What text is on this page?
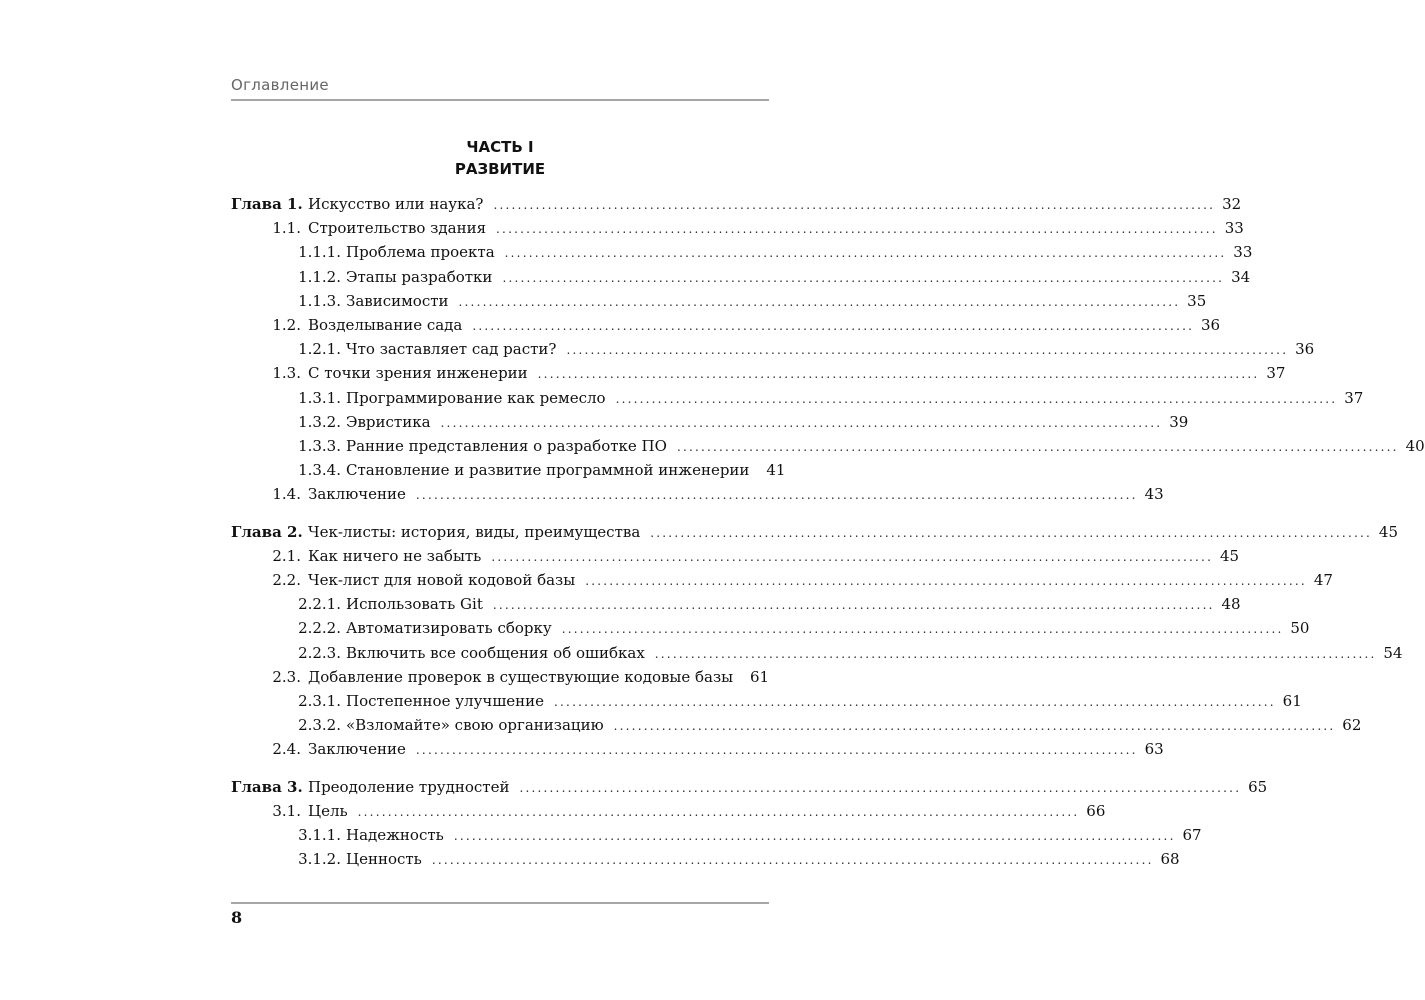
Оглавление
ЧАСТЬ I
РАЗВИТИЕ
Глава 1. Искусство или наука? ........................................................................................................................ 32
1.1. Строительство здания ........................................................................................................................ 33
1.1.1. Проблема проекта ........................................................................................................................ 33
1.1.2. Этапы разработки ........................................................................................................................ 34
1.1.3. Зависимости ........................................................................................................................ 35
1.2. Возделывание сада ........................................................................................................................ 36
1.2.1. Что заставляет сад расти? ........................................................................................................................ 36
1.3. С точки зрения инженерии ........................................................................................................................ 37
1.3.1. Программирование как ремесло ........................................................................................................................ 37
1.3.2. Эвристика ........................................................................................................................ 39
1.3.3. Ранние представления о разработке ПО ........................................................................................................................ 40
1.3.4. Становление и развитие программной инженерии 41
1.4. Заключение ........................................................................................................................ 43
Глава 2. Чек-листы: история, виды, преимущества ........................................................................................................................ 45
2.1. Как ничего не забыть ........................................................................................................................ 45
2.2. Чек-лист для новой кодовой базы ........................................................................................................................ 47
2.2.1. Использовать Git ........................................................................................................................ 48
2.2.2. Автоматизировать сборку ........................................................................................................................ 50
2.2.3. Включить все сообщения об ошибках ........................................................................................................................ 54
2.3. Добавление проверок в существующие кодовые базы 61
2.3.1. Постепенное улучшение ........................................................................................................................ 61
2.3.2. «Взломайте» свою организацию ........................................................................................................................ 62
2.4. Заключение ........................................................................................................................ 63
Глава 3. Преодоление трудностей ........................................................................................................................ 65
3.1. Цель ........................................................................................................................ 66
3.1.1. Надежность ........................................................................................................................ 67
3.1.2. Ценность ........................................................................................................................ 68
8
